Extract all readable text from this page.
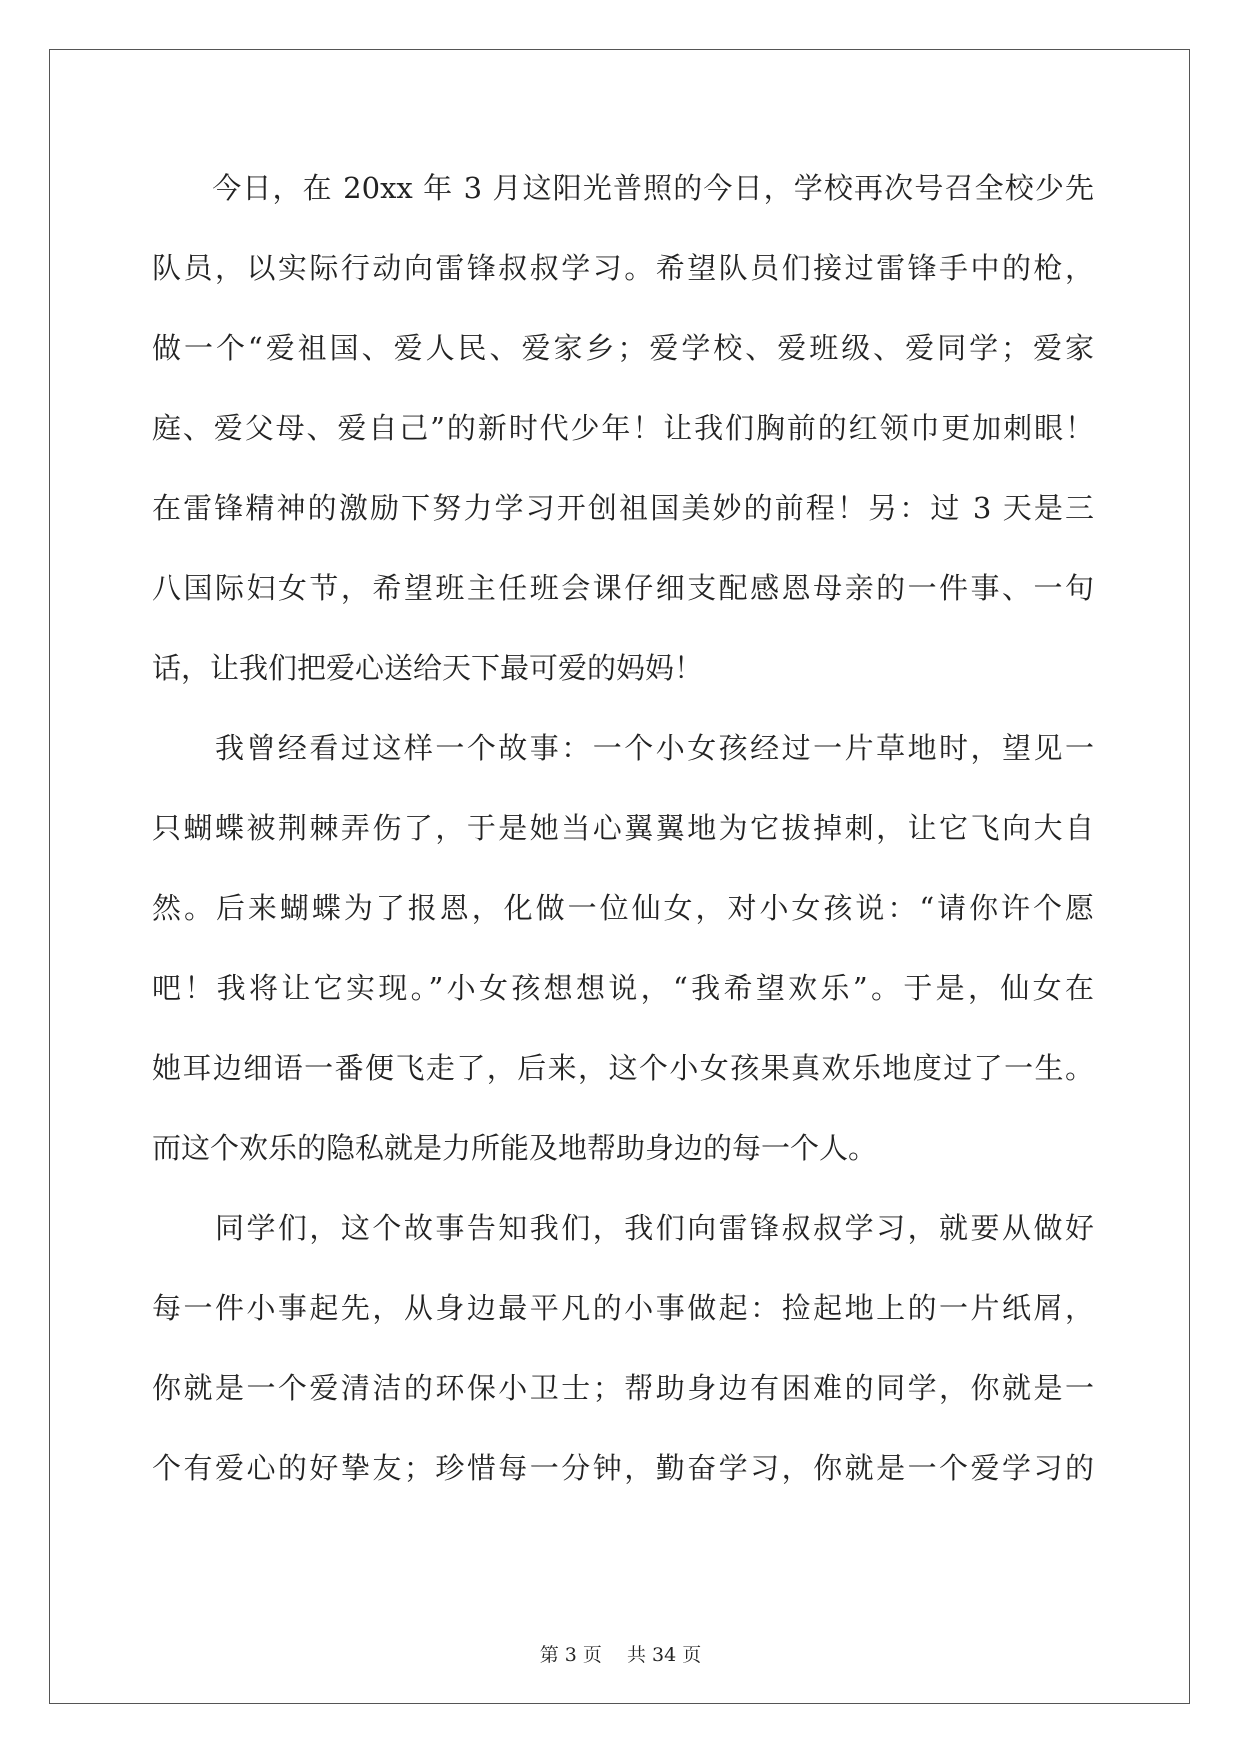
　　今日，在 20xx 年 3 月这阳光普照的今日，学校再次号召全校少先
队员，以实际行动向雷锋叔叔学习。希望队员们接过雷锋手中的枪，
做一个“爱祖国、爱人民、爱家乡；爱学校、爱班级、爱同学；爱家
庭、爱父母、爱自己”的新时代少年！让我们胸前的红领巾更加刺眼！
在雷锋精神的激励下努力学习开创祖国美妙的前程！另：过 3 天是三
八国际妇女节，希望班主任班会课仔细支配感恩母亲的一件事、一句
话，让我们把爱心送给天下最可爱的妈妈！
　　我曾经看过这样一个故事：一个小女孩经过一片草地时，望见一
只蝴蝶被荆棘弄伤了，于是她当心翼翼地为它拔掉刺，让它飞向大自
然。后来蝴蝶为了报恩，化做一位仙女，对小女孩说：“请你许个愿
吧！我将让它实现。”小女孩想想说，“我希望欢乐”。于是，仙女在
她耳边细语一番便飞走了，后来，这个小女孩果真欢乐地度过了一生。
而这个欢乐的隐私就是力所能及地帮助身边的每一个人。
　　同学们，这个故事告知我们，我们向雷锋叔叔学习，就要从做好
每一件小事起先，从身边最平凡的小事做起：捡起地上的一片纸屑，
你就是一个爱清洁的环保小卫士；帮助身边有困难的同学，你就是一
个有爱心的好挚友；珍惜每一分钟，勤奋学习，你就是一个爱学习的
第 3 页　 共 34 页
